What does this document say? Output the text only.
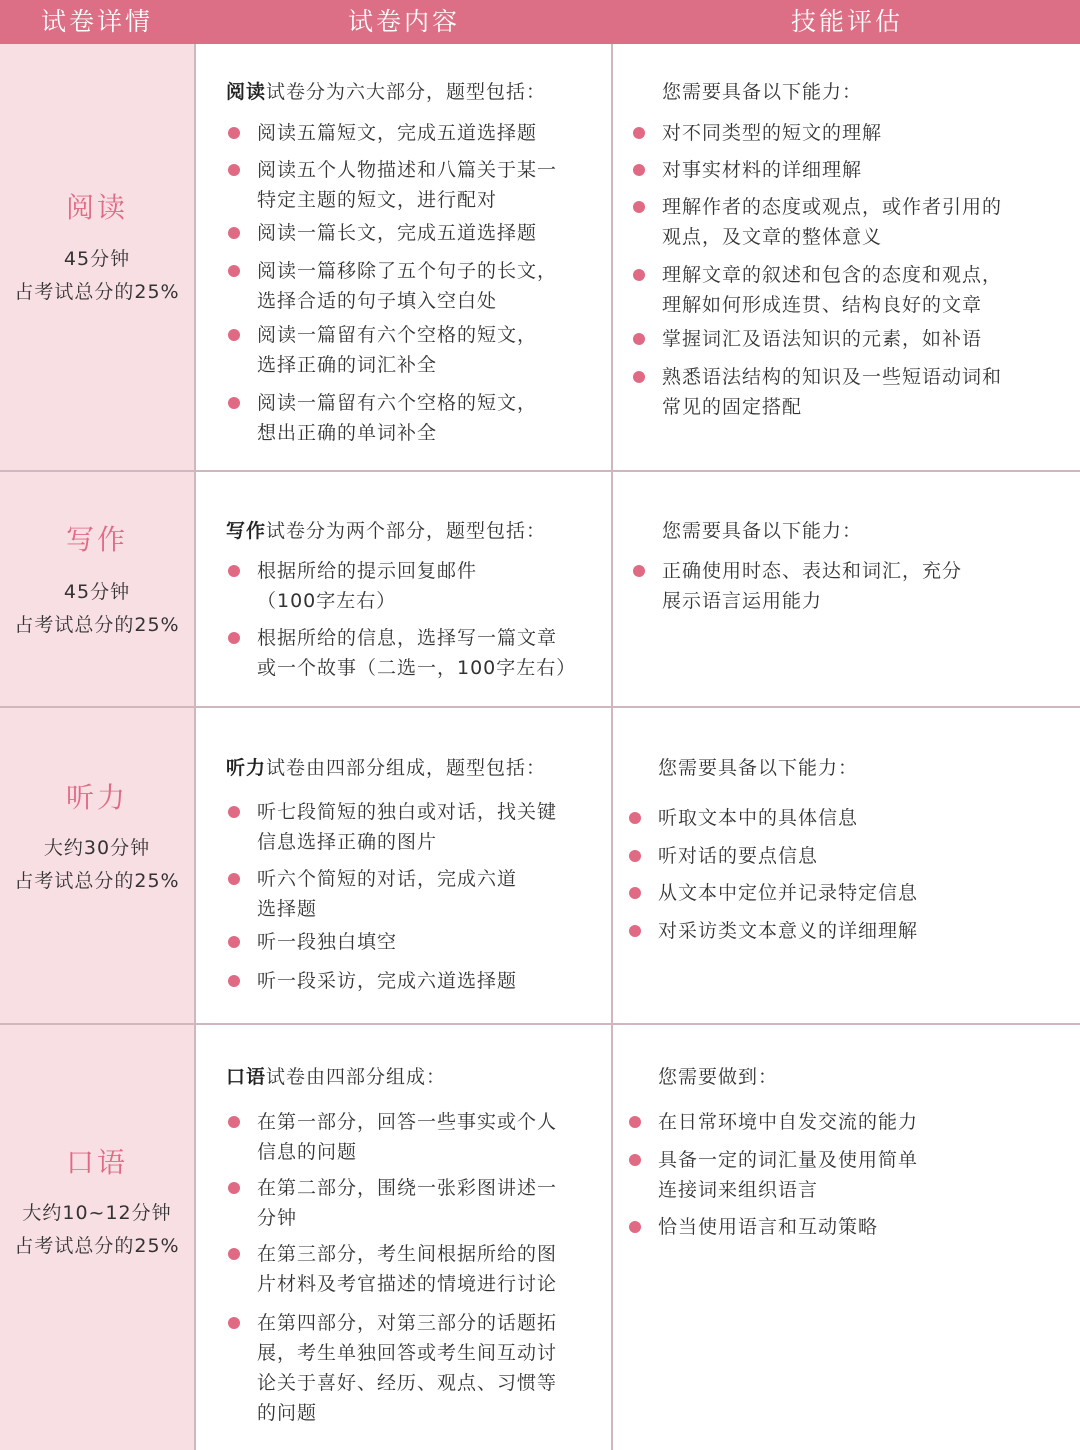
试卷详情	试卷内容	技能评估
阅读
45分钟
占考试总分的25%
阅读试卷分为六大部分，题型包括：
阅读五篇短文，完成五道选择题
阅读五个人物描述和八篇关于某一
特定主题的短文，进行配对
阅读一篇长文，完成五道选择题
阅读一篇移除了五个句子的长文，
选择合适的句子填入空白处
阅读一篇留有六个空格的短文，
选择正确的词汇补全
阅读一篇留有六个空格的短文，
想出正确的单词补全
您需要具备以下能力：
对不同类型的短文的理解
对事实材料的详细理解
理解作者的态度或观点，或作者引用的
观点，及文章的整体意义
理解文章的叙述和包含的态度和观点，
理解如何形成连贯、结构良好的文章
掌握词汇及语法知识的元素，如补语
熟悉语法结构的知识及一些短语动词和
常见的固定搭配
写作
45分钟
占考试总分的25%
写作试卷分为两个部分，题型包括：
根据所给的提示回复邮件
（100字左右）
根据所给的信息，选择写一篇文章
或一个故事（二选一，100字左右）
您需要具备以下能力：
正确使用时态、表达和词汇，充分
展示语言运用能力
听力
大约30分钟
占考试总分的25%
听力试卷由四部分组成，题型包括：
听七段简短的独白或对话，找关键
信息选择正确的图片
听六个简短的对话，完成六道
选择题
听一段独白填空
听一段采访，完成六道选择题
您需要具备以下能力：
听取文本中的具体信息
听对话的要点信息
从文本中定位并记录特定信息
对采访类文本意义的详细理解
口语
大约10~12分钟
占考试总分的25%
口语试卷由四部分组成：
在第一部分，回答一些事实或个人
信息的问题
在第二部分，围绕一张彩图讲述一
分钟
在第三部分，考生间根据所给的图
片材料及考官描述的情境进行讨论
在第四部分，对第三部分的话题拓
展，考生单独回答或考生间互动讨
论关于喜好、经历、观点、习惯等
的问题
您需要做到：
在日常环境中自发交流的能力
具备一定的词汇量及使用简单
连接词来组织语言
恰当使用语言和互动策略
